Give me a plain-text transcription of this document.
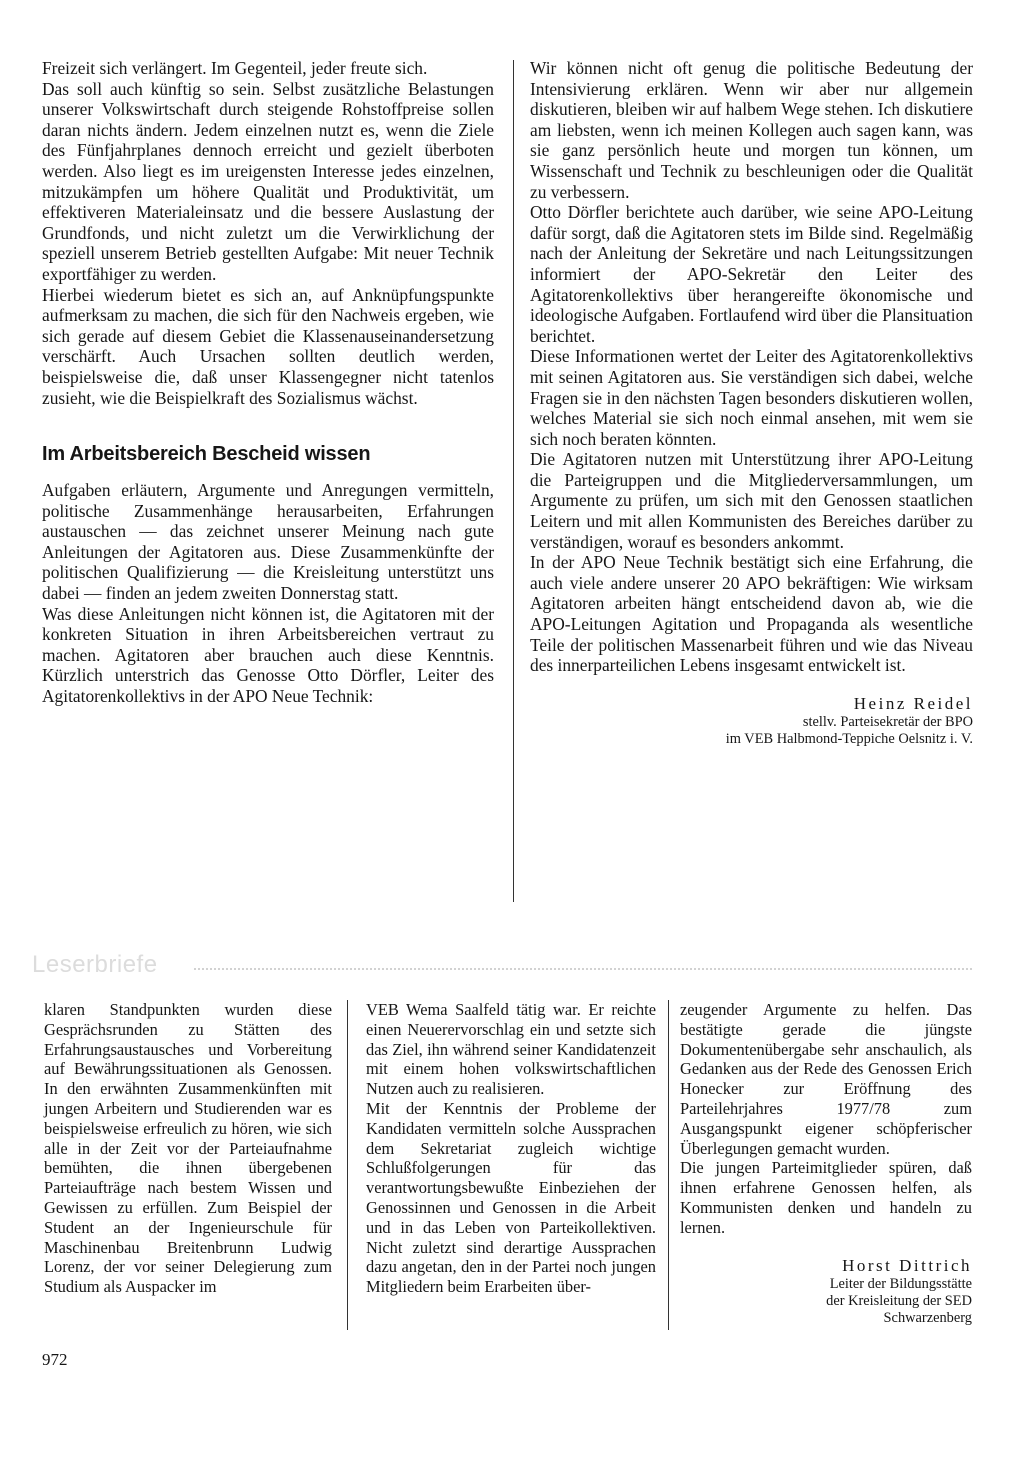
Freizeit sich verlängert. Im Gegenteil, jeder freute sich.

Das soll auch künftig so sein. Selbst zusätzliche Belastungen unserer Volkswirtschaft durch steigende Rohstoffpreise sollen daran nichts ändern. Jedem einzelnen nutzt es, wenn die Ziele des Fünfjahrplanes dennoch erreicht und gezielt überboten werden. Also liegt es im ureigensten Interesse jedes einzelnen, mitzukämpfen um höhere Qualität und Produktivität, um effektiveren Materialeinsatz und die bessere Auslastung der Grundfonds, und nicht zuletzt um die Verwirklichung der speziell unserem Betrieb gestellten Aufgabe: Mit neuer Technik exportfähiger zu werden.

Hierbei wiederum bietet es sich an, auf Anknüpfungspunkte aufmerksam zu machen, die sich für den Nachweis ergeben, wie sich gerade auf diesem Gebiet die Klassenauseinandersetzung verschärft. Auch Ursachen sollten deutlich werden, beispielsweise die, daß unser Klassengegner nicht tatenlos zusieht, wie die Beispielkraft des Sozialismus wächst.

Im Arbeitsbereich Bescheid wissen

Aufgaben erläutern, Argumente und Anregungen vermitteln, politische Zusammenhänge herausarbeiten, Erfahrungen austauschen — das zeichnet unserer Meinung nach gute Anleitungen der Agitatoren aus. Diese Zusammenkünfte der politischen Qualifizierung — die Kreisleitung unterstützt uns dabei — finden an jedem zweiten Donnerstag statt.

Was diese Anleitungen nicht können ist, die Agitatoren mit der konkreten Situation in ihren Arbeitsbereichen vertraut zu machen. Agitatoren aber brauchen auch diese Kenntnis. Kürzlich unterstrich das Genosse Otto Dörfler, Leiter des Agitatorenkollektivs in der APO Neue Technik:

Wir können nicht oft genug die politische Bedeutung der Intensivierung erklären. Wenn wir aber nur allgemein diskutieren, bleiben wir auf halbem Wege stehen. Ich diskutiere am liebsten, wenn ich meinen Kollegen auch sagen kann, was sie ganz persönlich heute und morgen tun können, um Wissenschaft und Technik zu beschleunigen oder die Qualität zu verbessern.

Otto Dörfler berichtete auch darüber, wie seine APO-Leitung dafür sorgt, daß die Agitatoren stets im Bilde sind. Regelmäßig nach der Anleitung der Sekretäre und nach Leitungssitzungen informiert der APO-Sekretär den Leiter des Agitatorenkollektivs über herangereifte ökonomische und ideologische Aufgaben. Fortlaufend wird über die Plansituation berichtet.

Diese Informationen wertet der Leiter des Agitatorenkollektivs mit seinen Agitatoren aus. Sie verständigen sich dabei, welche Fragen sie in den nächsten Tagen besonders diskutieren wollen, welches Material sie sich noch einmal ansehen, mit wem sie sich noch beraten könnten.

Die Agitatoren nutzen mit Unterstützung ihrer APO-Leitung die Parteigruppen und die Mitgliederversammlungen, um Argumente zu prüfen, um sich mit den Genossen staatlichen Leitern und mit allen Kommunisten des Bereiches darüber zu verständigen, worauf es besonders ankommt.

In der APO Neue Technik bestätigt sich eine Erfahrung, die auch viele andere unserer 20 APO bekräftigen: Wie wirksam Agitatoren arbeiten hängt entscheidend davon ab, wie die APO-Leitungen Agitation und Propaganda als wesentliche Teile der politischen Massenarbeit führen und wie das Niveau des innerparteilichen Lebens insgesamt entwickelt ist.

Heinz Reidel
stellv. Parteisekretär der BPO
im VEB Halbmond-Teppiche Oelsnitz i. V.
Leserbriefe

klaren Standpunkten wurden diese Gesprächsrunden zu Stätten des Erfahrungsaustausches und Vorbereitung auf Bewährungssituationen als Genossen. In den erwähnten Zusammenkünften mit jungen Arbeitern und Studierenden war es beispielsweise erfreulich zu hören, wie sich alle in der Zeit vor der Parteiaufnahme bemühten, die ihnen übergebenen Parteiaufträge nach bestem Wissen und Gewissen zu erfüllen. Zum Beispiel der Student an der Ingenieurschule für Maschinenbau Breitenbrunn Ludwig Lorenz, der vor seiner Delegierung zum Studium als Auspacker im

VEB Wema Saalfeld tätig war. Er reichte einen Neuerervorschlag ein und setzte sich das Ziel, ihn während seiner Kandidatenzeit mit einem hohen volkswirtschaftlichen Nutzen auch zu realisieren.

Mit der Kenntnis der Probleme der Kandidaten vermitteln solche Aussprachen dem Sekretariat zugleich wichtige Schlußfolgerungen für das verantwortungsbewußte Einbeziehen der Genossinnen und Genossen in die Arbeit und in das Leben von Parteikollektiven. Nicht zuletzt sind derartige Aussprachen dazu angetan, den in der Partei noch jungen Mitgliedern beim Erarbeiten über-

zeugender Argumente zu helfen. Das bestätigte gerade die jüngste Dokumentenübergabe sehr anschaulich, als Gedanken aus der Rede des Genossen Erich Honecker zur Eröffnung des Parteilehrjahres 1977/78 zum Ausgangspunkt eigener schöpferischer Überlegungen gemacht wurden.

Die jungen Parteimitglieder spüren, daß ihnen erfahrene Genossen helfen, als Kommunisten denken und handeln zu lernen.

Horst Dittrich
Leiter der Bildungsstätte
der Kreisleitung der SED
Schwarzenberg
972
